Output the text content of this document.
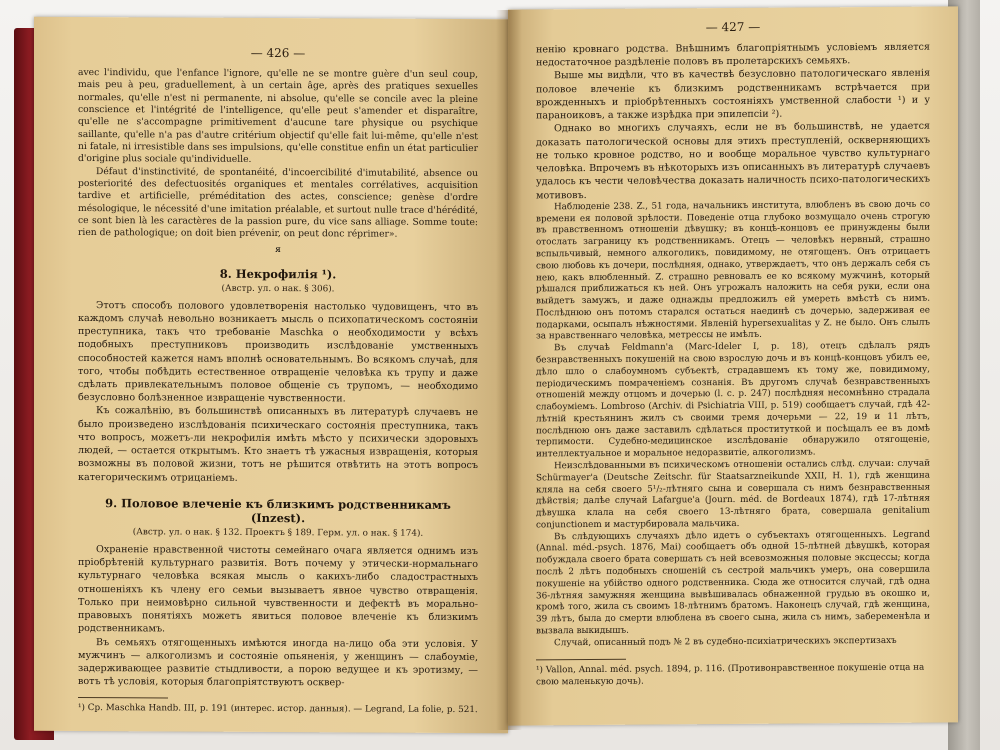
— 426 —

avec l'individu, que l'enfance l'ignore, qu'elle ne se montre guère d'un seul coup, mais peu à peu, graduellement, à un certain âge, après des pratiques sexuelles normales, qu'elle n'est ni permanente, ni absolue, qu'elle se concile avec la pleine conscience et l'intégrité de l'intelligence, qu'elle peut s'amender et disparaître, qu'elle ne s'accompagne primitivement d'aucune tare physique ou psychique saillante, qu'elle n'a pas d'autre critérium objectif qu'elle fait lui-même, qu'elle n'est ni fatale, ni irresistible dans ses impulsions, qu'elle constitue enfin un état particulier d'origine plus sociale qu'individuelle.

Défaut d'instinctivité, de spontanéité, d'incoercibilité d'imutabilité, absence ou posteriorité des defectuosités organiques et mentales corrélatives, acquisition tardive et artificielle, préméditation des actes, conscience; genèse d'ordre mésologique, le nécessité d'une imitation préalable, et surtout nulle trace d'hérédité, ce sont bien là les caractères de la passion pure, du vice sans alliage. Somme toute: rien de pathologique; on doit bien prévenir, on peut donc réprimer».

я
8. Некрофилія ¹).
(Австр. ул. о нак. § 306).

Этотъ способъ полового удовлетворенія настолько чудовищенъ, что въ каждомъ случаѣ невольно возникаетъ мысль о психопатическомъ состояніи преступника, такъ что требованіе Maschka о необходимости у всѣхъ подобныхъ преступниковъ производить изслѣдованіе умственныхъ способностей кажется намъ вполнѣ основательнымъ. Во всякомъ случаѣ, для того, чтобы побѣдить естественное отвращеніе человѣка къ трупу и даже сдѣлать привлекательнымъ половое общеніе съ трупомъ, — необходимо безусловно болѣзненное извращеніе чувственности.

Къ сожалѣнію, въ большинствѣ описанныхъ въ литературѣ случаевъ не было произведено изслѣдованія психическаго состоянія преступника, такъ что вопросъ, можетъ-ли некрофилія имѣть мѣсто у психически здоровыхъ людей, — остается открытымъ. Кто знаетъ тѣ ужасныя извращенія, которыя возможны въ половой жизни, тотъ не рѣшится отвѣтить на этотъ вопросъ категорическимъ отрицаніемъ.

9. Половое влеченіе къ близкимъ родственникамъ (Inzest).
(Австр. ул. о нак. § 132. Проектъ § 189. Герм. ул. о нак. § 174).

Охраненіе нравственной чистоты семейнаго очага является однимъ изъ пріобрѣтеній культурнаго развитія. Вотъ почему у этически-нормальнаго культурнаго человѣка всякая мысль о какихъ-либо сладострастныхъ отношеніяхъ къ члену его семьи вызываетъ явное чувство отвращенія. Только при неимовѣрно сильной чувственности и дефектѣ въ морально-правовыхъ понятіяхъ можетъ явиться половое влеченіе къ близкимъ родственникамъ.

Въ семьяхъ отягощенныхъ имѣются иногда на-лицо оба эти условія. У мужчинъ — алкоголизмъ и состояніе опьяненія, у женщинъ — слабоуміе, задерживающее развитіе стыдливости, а порою ведущее и къ эротизму, — вотъ тѣ условія, которыя благопріятствуютъ осквер-

¹) Ср. Maschka Handb. III, p. 191 (интерес. истор. данныя). — Legrand, La folie, p. 521.
— 427 —

ненію кровнаго родства. Внѣшнимъ благопріятнымъ условіемъ является недостаточное раздѣленіе половъ въ пролетарскихъ семьяхъ.

Выше мы видѣли, что въ качествѣ безусловно патологическаго явленія половое влеченіе къ близкимъ родственникамъ встрѣчается при врожденныхъ и пріобрѣтенныхъ состояніяхъ умственной слабости ¹) и у параноиковъ, а также изрѣдка при эпилепсіи ²).

Однако во многихъ случаяхъ, если не въ большинствѣ, не удается доказать патологической основы для этихъ преступленій, оскверняющихъ не только кровное родство, но и вообще моральное чувство культурнаго человѣка. Впрочемъ въ нѣкоторыхъ изъ описанныхъ въ литературѣ случаевъ удалось къ чести человѣчества доказать наличность психо-патологическихъ мотивовъ.

Наблюденіе 238. Z., 51 года, начальникъ института, влюбленъ въ свою дочь со времени ея половой зрѣлости. Поведеніе отца глубоко возмущало очень строгую въ правственномъ отношеніи дѣвушку; въ концѣ-концовъ ее принуждены были отослать заграницу къ родственникамъ. Отецъ — человѣкъ нервный, страшно вспыльчивый, немного алкоголикъ, повидимому, не отягощенъ. Онъ отрицаетъ свою любовь къ дочери, послѣдняя, однако, утверждаетъ, что онъ держалъ себя съ нею, какъ влюбленный. Z. страшно ревновалъ ее ко всякому мужчинѣ, который рѣшался приближаться къ ней. Онъ угрожалъ наложить на себя руки, если она выйдетъ замужъ, и даже однажды предложилъ ей умереть вмѣстѣ съ нимъ. Послѣднюю онъ потомъ старался остаться наединѣ съ дочерью, задерживая ее подарками, осыпалъ нѣжностями. Явленій hypersexualitas у Z. не было. Онъ слылъ за нравственнаго человѣка, метрессы не имѣлъ.

Въ случаѣ Feldmann'а (Marc-Ideler I, p. 18), отецъ сдѣлалъ рядъ безнравственныхъ покушеній на свою взрослую дочь и въ концѣ-концовъ убилъ ее, дѣло шло о слабоумномъ субъектѣ, страдавшемъ къ тому же, повидимому, періодическимъ помраченіемъ сознанія. Въ другомъ случаѣ безнравственныхъ отношеній между отцомъ и дочерью (l. c. p. 247) послѣдняя несомнѣнно страдала слабоуміемъ. Lombroso (Archiv. di Psichiatria VIII, p. 519) сообщаетъ случай, гдѣ 42-лѣтній крестьянинъ жилъ съ своими тремя дочерьми — 22, 19 и 11 лѣтъ, послѣднюю онъ даже заставилъ сдѣлаться проституткой и посѣщалъ ее въ домѣ терпимости. Судебно-медицинское изслѣдованіе обнаружило отягощеніе, интеллектуальное и моральное недоразвитіе, алкоголизмъ.

Неизслѣдованными въ психическомъ отношеніи остались слѣд. случаи: случай Schürmayer'а (Deutsche Zeitschr. für Staatsarzneikunde XXII, H. 1), гдѣ женщина кляла на себя своего 5¹/₂-лѣтняго сына и совершала съ нимъ безнравственныя дѣйствія; далѣе случай Lafargue'а (Journ. méd. de Bordeaux 1874), гдѣ 17-лѣтняя дѣвушка клала на себя своего 13-лѣтняго брата, совершала genitalium conjunctionem и мастурбировала мальчика.

Въ слѣдующихъ случаяхъ дѣло идетъ о субъектахъ отягощенныхъ. Legrand (Annal. méd.-psych. 1876, Mai) сообщаетъ объ одной 15-лѣтней дѣвушкѣ, которая побуждала своего брата совершать съ ней всевозможныя половые эксцессы; когда послѣ 2 лѣтъ подобныхъ сношеній съ сестрой мальчикъ умеръ, она совершила покушеніе на убійство одного родственника. Сюда же относится случай, гдѣ одна 36-лѣтняя замужняя женщина вывѣшивалась обнаженной грудью въ окошко и, кромѣ того, жила съ своимъ 18-лѣтнимъ братомъ. Наконецъ случай, гдѣ женщина, 39 лѣтъ, была до смерти влюблена въ своего сына, жила съ нимъ, забеременѣла и вызвала выкидышъ.

Случай, описанный подъ № 2 въ судебно-психіатрическихъ экспертизахъ

¹) Vallon, Annal. méd. psych. 1894, p. 116. (Противонравственное покушеніе отца на свою маленькую дочь).
